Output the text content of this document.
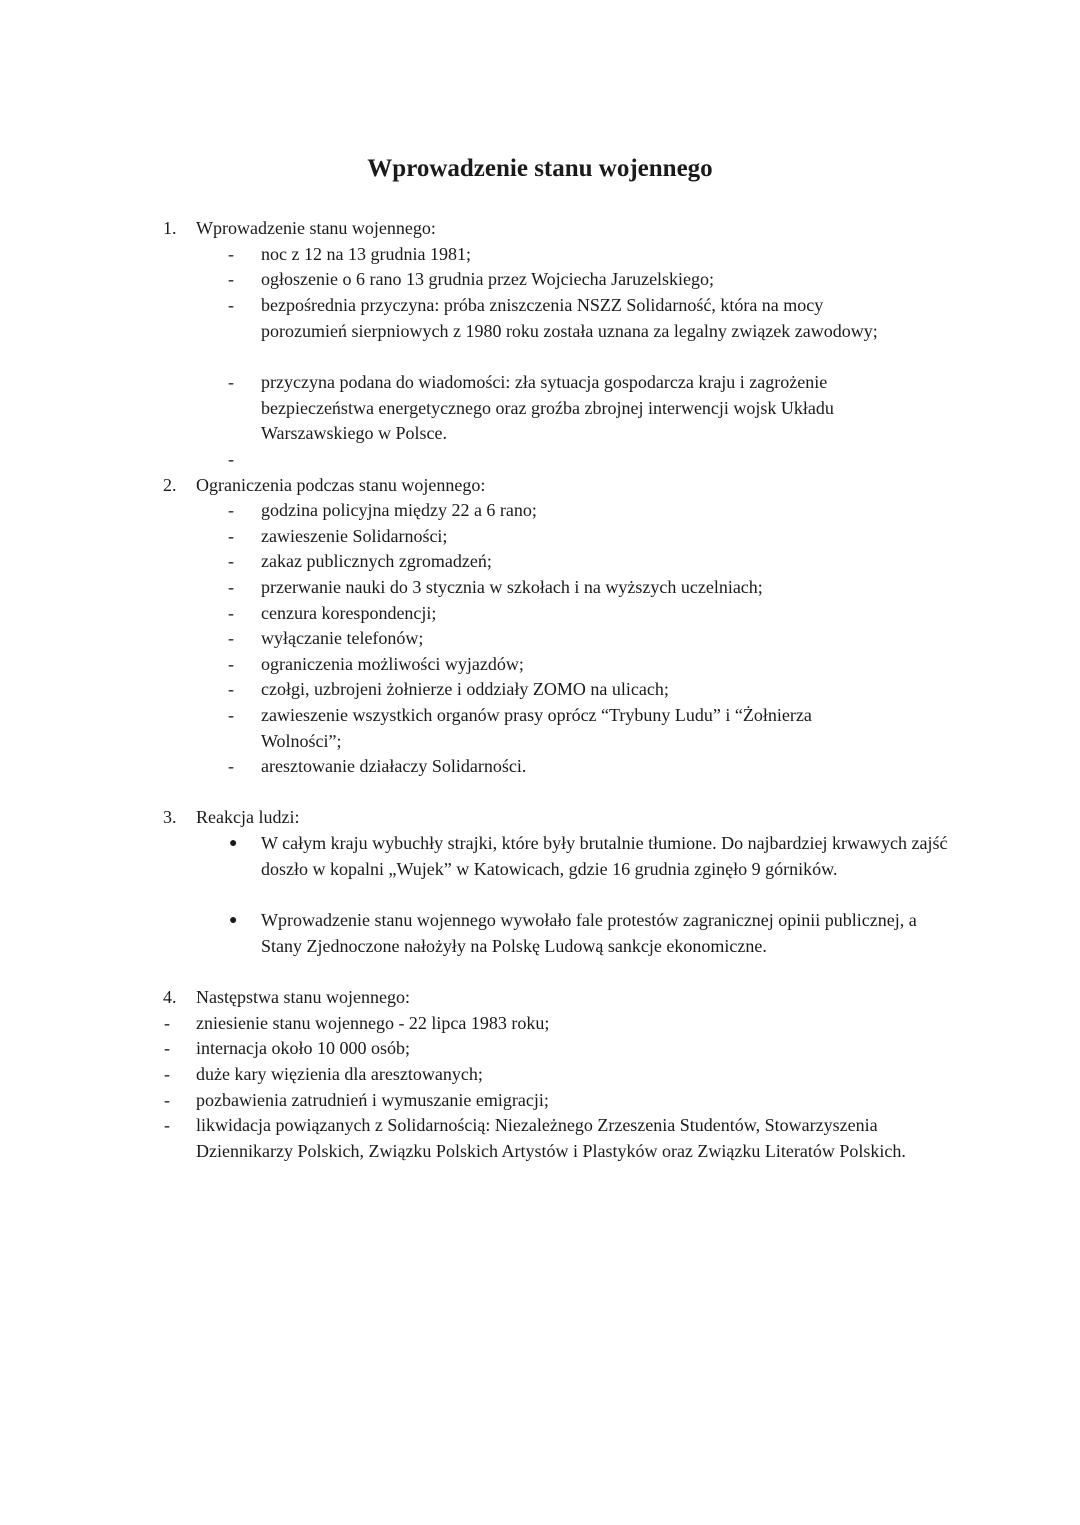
Wprowadzenie stanu wojennego
1. Wprowadzenie stanu wojennego:
- noc z 12 na 13 grudnia 1981;
- ogłoszenie o 6 rano 13 grudnia przez Wojciecha Jaruzelskiego;
- bezpośrednia przyczyna: próba zniszczenia NSZZ Solidarność, która na mocy porozumień sierpniowych z 1980 roku została uznana za legalny związek zawodowy;
- przyczyna podana do wiadomości: zła sytuacja gospodarcza kraju i zagrożenie bezpieczeństwa energetycznego oraz groźba zbrojnej interwencji wojsk Układu Warszawskiego w Polsce.
-
2. Ograniczenia podczas stanu wojennego:
- godzina policyjna między 22 a 6 rano;
- zawieszenie Solidarności;
- zakaz publicznych zgromadzeń;
- przerwanie nauki do 3 stycznia w szkołach i na wyższych uczelniach;
- cenzura korespondencji;
- wyłączanie telefonów;
- ograniczenia możliwości wyjazdów;
- czołgi, uzbrojeni żołnierze i oddziały ZOMO na ulicach;
- zawieszenie wszystkich organów prasy oprócz “Trybuny Ludu” i “Żołnierza Wolności”;
- aresztowanie działaczy Solidarności.
3. Reakcja ludzi:
● W całym kraju wybuchły strajki, które były brutalnie tłumione. Do najbardziej krwawych zajść doszło w kopalni „Wujek” w Katowicach, gdzie 16 grudnia zginęło 9 górników.
● Wprowadzenie stanu wojennego wywołało fale protestów zagranicznej opinii publicznej, a Stany Zjednoczone nałożyły na Polskę Ludową sankcje ekonomiczne.
4. Następstwa stanu wojennego:
- zniesienie stanu wojennego - 22 lipca 1983 roku;
- internacja około 10 000 osób;
- duże kary więzienia dla aresztowanych;
- pozbawienia zatrudnień i wymuszanie emigracji;
- likwidacja powiązanych z Solidarnością: Niezależnego Zrzeszenia Studentów, Stowarzyszenia Dziennikarzy Polskich, Związku Polskich Artystów i Plastyków oraz Związku Literatów Polskich.
